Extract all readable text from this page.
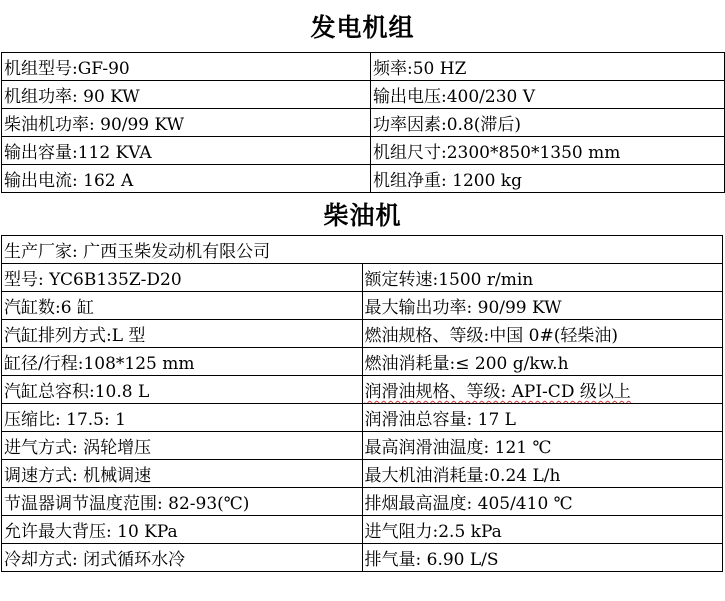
发电机组
机组型号:GF-90	频率:50 HZ
机组功率: 90 KW	输出电压:400/230 V
柴油机功率: 90/99 KW	功率因素:0.8(滞后)
输出容量:112 KVA	机组尺寸:2300*850*1350 mm
输出电流: 162 A	机组净重: 1200 kg
柴油机
生产厂家: 广西玉柴发动机有限公司	
型号: YC6B135Z-D20	额定转速:1500 r/min
汽缸数:6 缸	最大输出功率: 90/99 KW
汽缸排列方式:L 型	燃油规格、等级:中国 0#(轻柴油)
缸径/行程:108*125 mm	燃油消耗量:≤ 200 g/kw.h
汽缸总容积:10.8 L	润滑油规格、等级: API-CD 级以上
压缩比: 17.5: 1	润滑油总容量: 17 L
进气方式: 涡轮增压	最高润滑油温度: 121 ℃
调速方式: 机械调速	最大机油消耗量:0.24 L/h
节温器调节温度范围: 82-93(℃)	排烟最高温度: 405/410 ℃
允许最大背压: 10 KPa	进气阻力:2.5 kPa
冷却方式: 闭式循环水冷	排气量: 6.90 L/S
